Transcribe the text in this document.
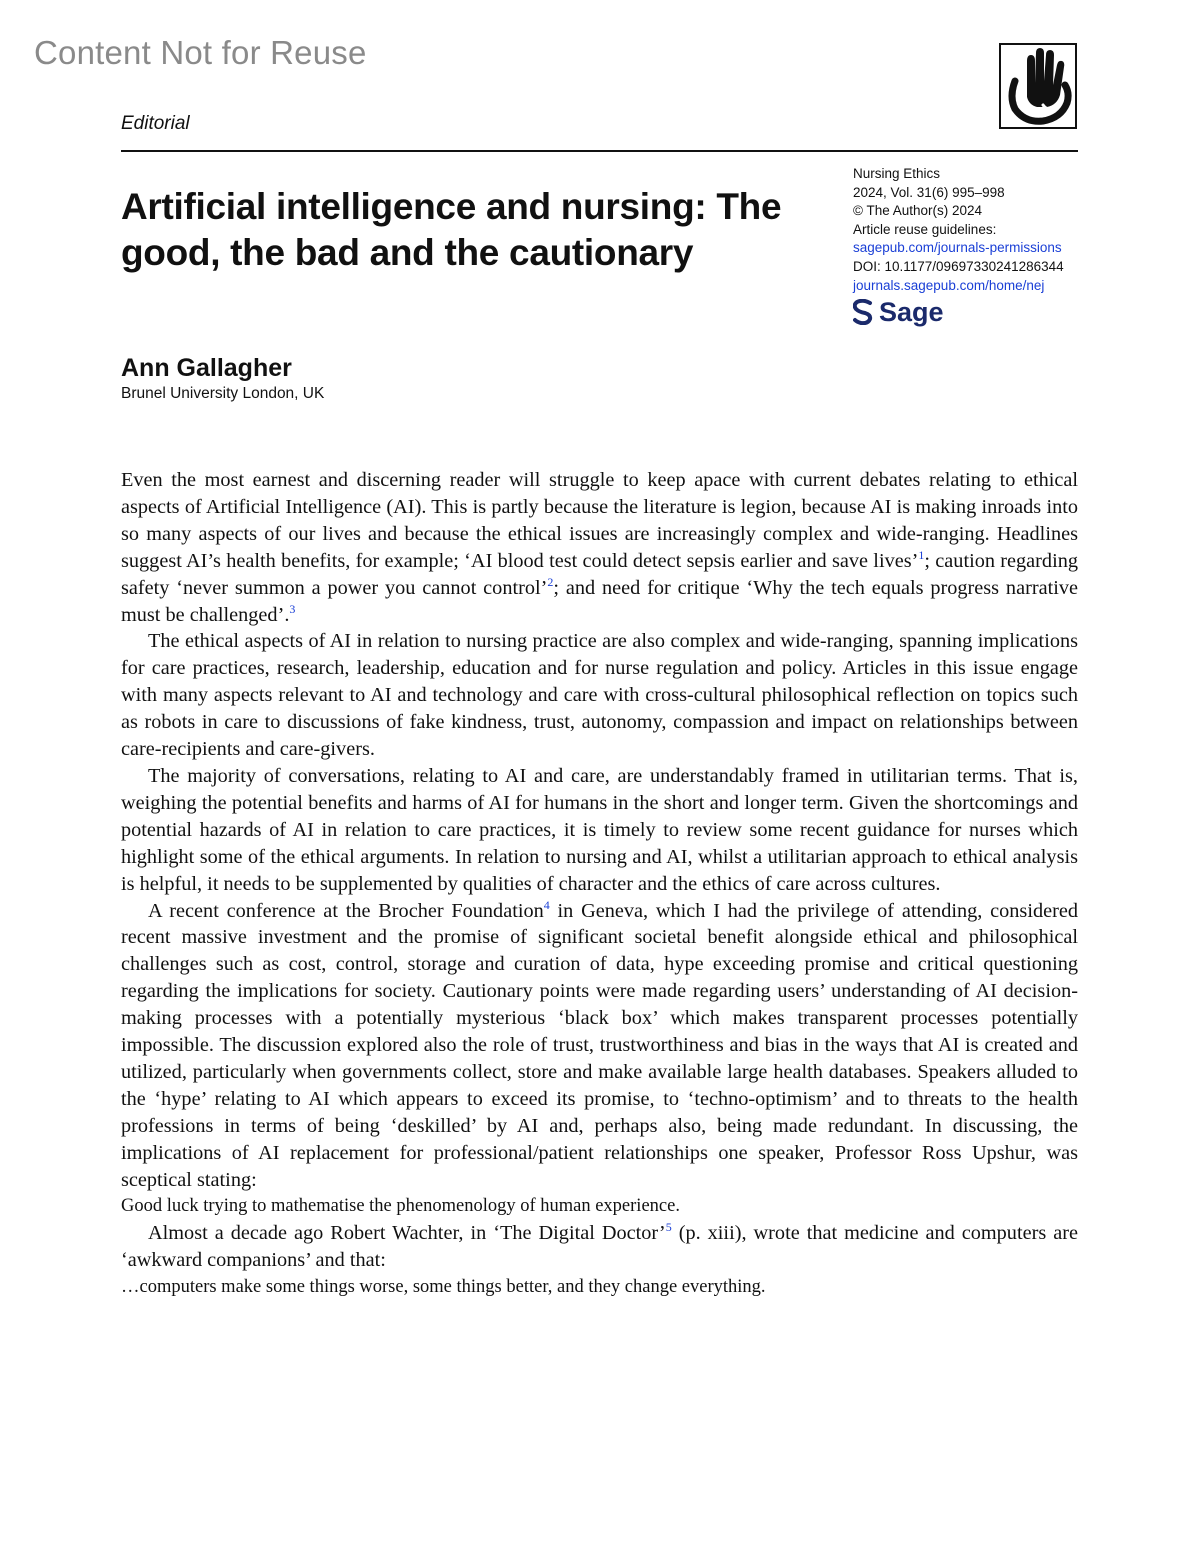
Content Not for Reuse
Editorial
Artificial intelligence and nursing: The good, the bad and the cautionary
Nursing Ethics
2024, Vol. 31(6) 995–998
© The Author(s) 2024
Article reuse guidelines:
sagepub.com/journals-permissions
DOI: 10.1177/09697330241286344
journals.sagepub.com/home/nej
Sage
Ann Gallagher
Brunel University London, UK

Even the most earnest and discerning reader will struggle to keep apace with current debates relating to ethical aspects of Artificial Intelligence (AI). This is partly because the literature is legion, because AI is making inroads into so many aspects of our lives and because the ethical issues are increasingly complex and wide-ranging. Headlines suggest AI’s health benefits, for example; ‘AI blood test could detect sepsis earlier and save lives’$^1$; caution regarding safety ‘never summon a power you cannot control’$^2$; and need for critique ‘Why the tech equals progress narrative must be challenged’.$^3$

The ethical aspects of AI in relation to nursing practice are also complex and wide-ranging, spanning implications for care practices, research, leadership, education and for nurse regulation and policy. Articles in this issue engage with many aspects relevant to AI and technology and care with cross-cultural philosophical reflection on topics such as robots in care to discussions of fake kindness, trust, autonomy, compassion and impact on relationships between care-recipients and care-givers.

The majority of conversations, relating to AI and care, are understandably framed in utilitarian terms. That is, weighing the potential benefits and harms of AI for humans in the short and longer term. Given the shortcomings and potential hazards of AI in relation to care practices, it is timely to review some recent guidance for nurses which highlight some of the ethical arguments. In relation to nursing and AI, whilst a utilitarian approach to ethical analysis is helpful, it needs to be supplemented by qualities of character and the ethics of care across cultures.

A recent conference at the Brocher Foundation$^4$ in Geneva, which I had the privilege of attending, considered recent massive investment and the promise of significant societal benefit alongside ethical and philosophical challenges such as cost, control, storage and curation of data, hype exceeding promise and critical questioning regarding the implications for society. Cautionary points were made regarding users’ understanding of AI decision-making processes with a potentially mysterious ‘black box’ which makes transparent processes potentially impossible. The discussion explored also the role of trust, trustworthiness and bias in the ways that AI is created and utilized, particularly when governments collect, store and make available large health databases. Speakers alluded to the ‘hype’ relating to AI which appears to exceed its promise, to ‘techno-optimism’ and to threats to the health professions in terms of being ‘deskilled’ by AI and, perhaps also, being made redundant. In discussing, the implications of AI replacement for professional/patient relationships one speaker, Professor Ross Upshur, was sceptical stating:

Good luck trying to mathematise the phenomenology of human experience.

Almost a decade ago Robert Wachter, in ‘The Digital Doctor’$^5$ (p. xiii), wrote that medicine and computers are ‘awkward companions’ and that:

…computers make some things worse, some things better, and they change everything.
